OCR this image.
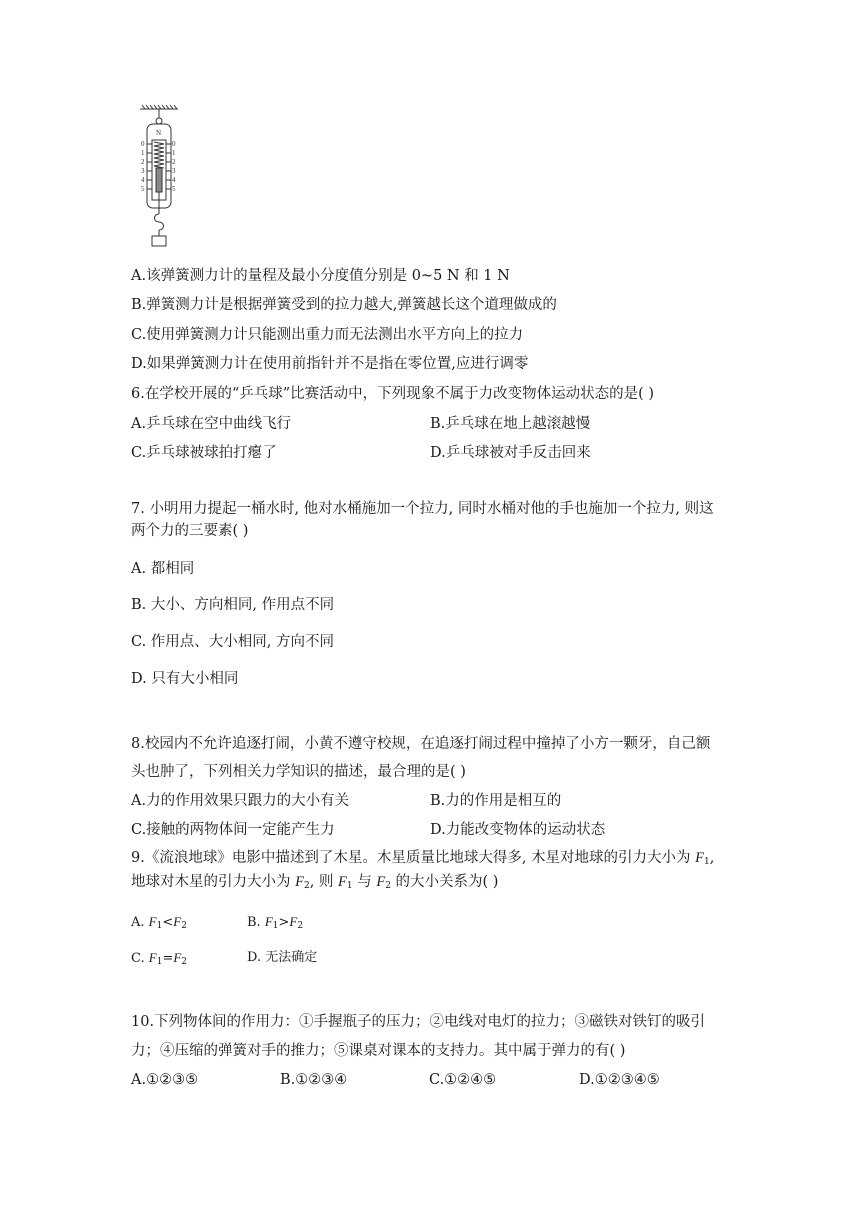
N
0	0
1	1
2	2
3	3
4	4
5	5
A.该弹簧测力计的量程及最小分度值分别是 0~5 N 和 1 N
B.弹簧测力计是根据弹簧受到的拉力越大,弹簧越长这个道理做成的
C.使用弹簧测力计只能测出重力而无法测出水平方向上的拉力
D.如果弹簧测力计在使用前指针并不是指在零位置,应进行调零
6.在学校开展的“乒乓球”比赛活动中，下列现象不属于力改变物体运动状态的是( )
A.乒乓球在空中曲线飞行	B.乒乓球在地上越滚越慢
C.乒乓球被球拍打瘪了	D.乒乓球被对手反击回来
7. 小明用力提起一桶水时, 他对水桶施加一个拉力, 同时水桶对他的手也施加一个拉力, 则这
两个力的三要素( )
A. 都相同
B. 大小、方向相同, 作用点不同
C. 作用点、大小相同, 方向不同
D. 只有大小相同
8.校园内不允许追逐打闹，小黄不遵守校规，在追逐打闹过程中撞掉了小方一颗牙，自己额
头也肿了，下列相关力学知识的描述，最合理的是( )
A.力的作用效果只跟力的大小有关	B.力的作用是相互的
C.接触的两物体间一定能产生力	D.力能改变物体的运动状态
9.《流浪地球》电影中描述到了木星。木星质量比地球大得多, 木星对地球的引力大小为 $F_1$,
地球对木星的引力大小为 $F_2$, 则 $F_1$ 与 $F_2$ 的大小关系为( )
A. $F_1<F_2$	B. $F_1>F_2$
C. $F_1=F_2$	D. 无法确定
10.下列物体间的作用力：①手握瓶子的压力；②电线对电灯的拉力；③磁铁对铁钉的吸引
力；④压缩的弹簧对手的推力；⑤课桌对课本的支持力。其中属于弹力的有( )
A.①②③⑤	B.①②③④	C.①②④⑤	D.①②③④⑤
